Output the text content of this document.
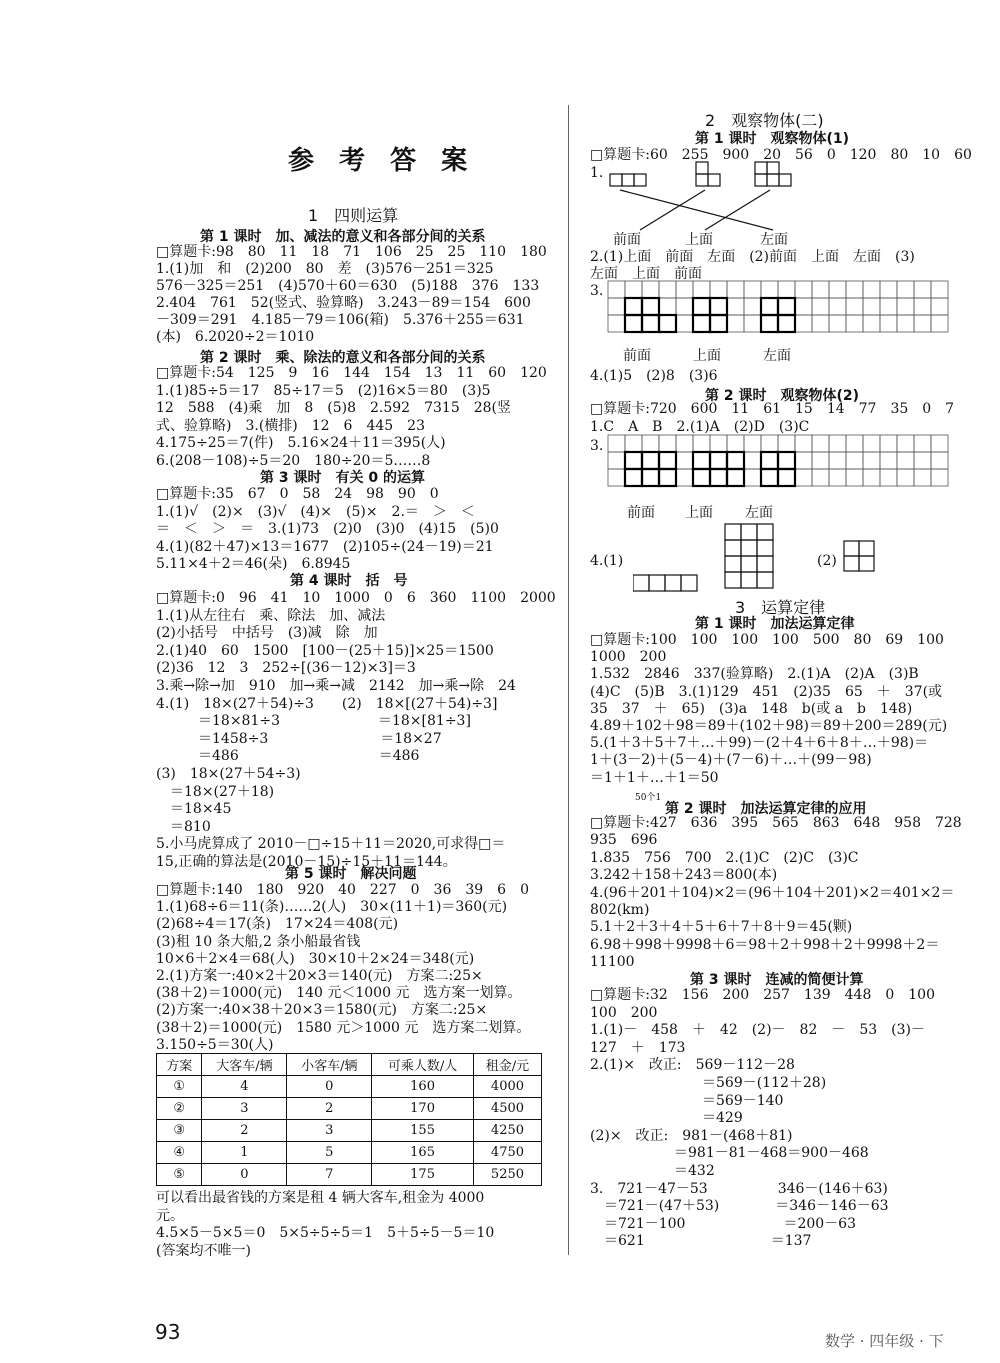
参 考 答 案
1　四则运算
第 1 课时　加、减法的意义和各部分间的关系
□算题卡:98　80　11　18　71　106　25　25　110　180
1.(1)加　和　(2)200　80　差　(3)576－251＝325
576－325＝251　(4)570＋60＝630　(5)188　376　133
2.404　761　52(竖式、验算略)　3.243－89＝154　600
－309＝291　4.185－79＝106(箱)　5.376＋255＝631
(本)　6.2020÷2＝1010
第 2 课时　乘、除法的意义和各部分间的关系
□算题卡:54　125　9　16　144　154　13　11　60　120
1.(1)85÷5＝17　85÷17＝5　(2)16×5＝80　(3)5
12　588　(4)乘　加　8　(5)8　2.592　7315　28(竖
式、验算略)　3.(横排)　12　6　445　23
4.175÷25＝7(件)　5.16×24＋11＝395(人)
6.(208－108)÷5＝20　180÷20＝5……8
第 3 课时　有关 0 的运算
□算题卡:35　67　0　58　24　98　90　0
1.(1)√　(2)×　(3)√　(4)×　(5)×　2.＝　＞　＜
＝　＜　＞　＝　3.(1)73　(2)0　(3)0　(4)15　(5)0
4.(1)(82＋47)×13＝1677　(2)105÷(24－19)＝21
5.11×4＋2＝46(朵)　6.8945
第 4 课时　括　号
□算题卡:0　96　41　10　1000　0　6　360　1100　2000
1.(1)从左往右　乘、除法　加、减法
(2)小括号　中括号　(3)减　除　加
2.(1)40　60　1500　[100－(25＋15)]×25＝1500
(2)36　12　3　252÷[(36－12)×3]＝3
3.乘→除→加　910　加→乘→减　2142　加→乘→除　24
4.(1)　18×(27＋54)÷3　　(2)　18×[(27＋54)÷3]
　　　＝18×81÷3　　　　　　　＝18×[81÷3]
　　　＝1458÷3　　　　　　　　＝18×27
　　　＝486　　　　　　　　　　＝486
(3)　18×(27＋54÷3)
　＝18×(27＋18)
　＝18×45
　＝810
5.小马虎算成了 2010－□÷15＋11＝2020,可求得□＝
15,正确的算法是(2010－15)÷15＋11＝144。
第 5 课时　解决问题
□算题卡:140　180　920　40　227　0　36　39　6　0
1.(1)68÷6＝11(条)……2(人)　30×(11＋1)＝360(元)
(2)68÷4＝17(条)　17×24＝408(元)
(3)租 10 条大船,2 条小船最省钱
10×6＋2×4＝68(人)　30×10＋2×24＝348(元)
2.(1)方案一:40×2＋20×3＝140(元)　方案二:25×
(38＋2)＝1000(元)　140 元＜1000 元　选方案一划算。
(2)方案一:40×38＋20×3＝1580(元)　方案二:25×
(38＋2)＝1000(元)　1580 元＞1000 元　选方案二划算。
3.150÷5＝30(人)
方案	大客车/辆	小客车/辆	可乘人数/人	租金/元
①	4	0	160	4000
②	3	2	170	4500
③	2	3	155	4250
④	1	5	165	4750
⑤	0	7	175	5250
可以看出最省钱的方案是租 4 辆大客车,租金为 4000
元。
4.5×5－5×5＝0　5×5÷5÷5＝1　5＋5÷5－5＝10
(答案均不唯一)
2　观察物体(二)
第 1 课时　观察物体(1)
□算题卡:60　255　900　20　56　0　120　80　10　60
1.
前面	上面	左面
2.(1)上面　前面　左面　(2)前面　上面　左面　(3)
左面　上面　前面
3.
前面	上面	左面
4.(1)5　(2)8　(3)6
第 2 课时　观察物体(2)
□算题卡:720　600　11　61　15　14　77　35　0　7
1.C　A　B　2.(1)A　(2)D　(3)C
3.
前面 上面 左面
4.(1)	(2)
3　运算定律
第 1 课时　加法运算定律
□算题卡:100　100　100　100　500　80　69　100
1000　200
1.532　2846　337(验算略)　2.(1)A　(2)A　(3)B
(4)C　(5)B　3.(1)129　451　(2)35　65　＋　37(或
35　37　＋　65)　(3)a　148　b(或 a　b　148)
4.89＋102＋98＝89＋(102＋98)＝89＋200＝289(元)
5.(1＋3＋5＋7＋…＋99)－(2＋4＋6＋8＋…＋98)＝
1＋(3－2)＋(5－4)＋(7－6)＋…＋(99－98)
＝1＋1＋…＋1＝50
50个1
第 2 课时　加法运算定律的应用
□算题卡:427　636　395　565　863　648　958　728
935　696
1.835　756　700　2.(1)C　(2)C　(3)C
3.242＋158＋243＝800(本)
4.(96＋201＋104)×2＝(96＋104＋201)×2＝401×2＝
802(km)
5.1＋2＋3＋4＋5＋6＋7＋8＋9＝45(颗)
6.98＋998＋9998＋6＝98＋2＋998＋2＋9998＋2＝
11100
第 3 课时　连减的简便计算
□算题卡:32　156　200　257　139　448　0　100
100　200
1.(1)－　458　＋　42　(2)－　82　－　53　(3)－
127　＋　173
2.(1)×　改正:　569－112－28
　　　　　　　　＝569－(112＋28)
　　　　　　　　＝569－140
　　　　　　　　＝429
(2)×　改正:　981－(468＋81)
　　　　　　＝981－81－468＝900－468
　　　　　　＝432
3.　721－47－53　　　　　346－(146＋63)
　＝721－(47＋53)　　　　＝346－146－63
　＝721－100　　　　　　　＝200－63
　＝621　　　　　　　　　＝137
93	数学 · 四年级 · 下
